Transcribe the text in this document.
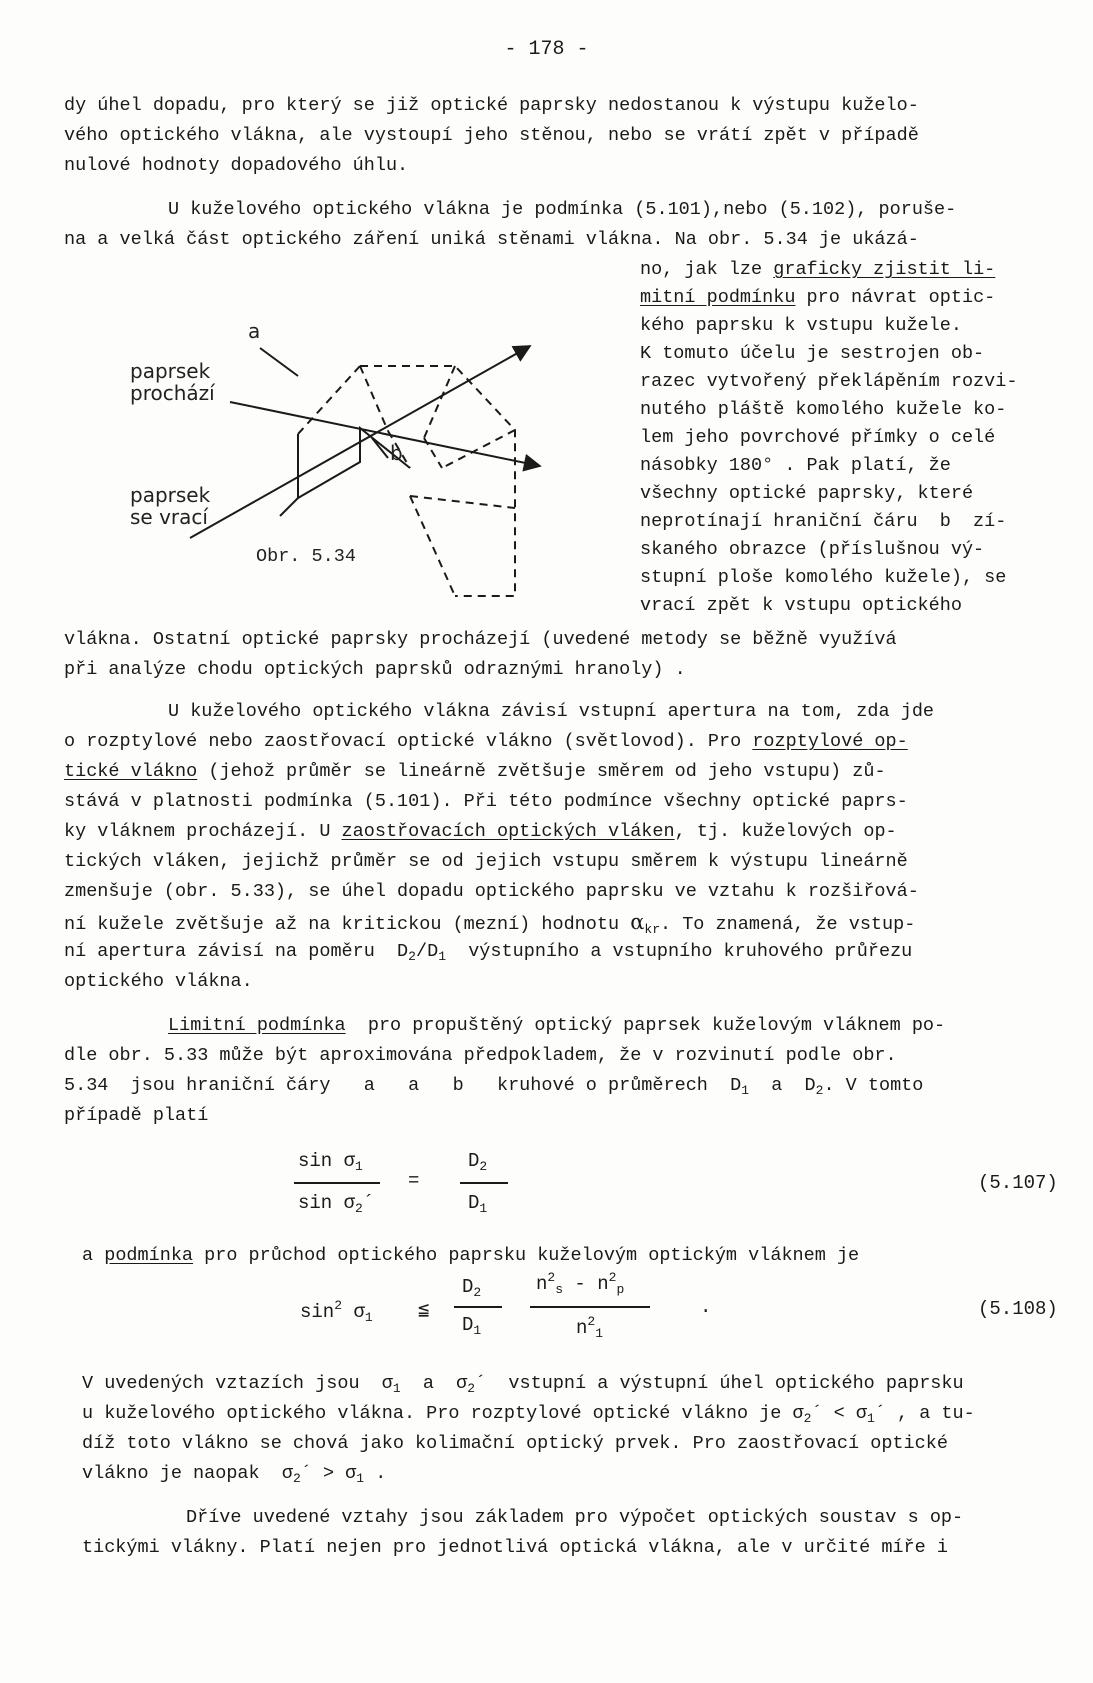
- 178 -
dy úhel dopadu, pro který se již optické paprsky nedostanou k výstupu kuželo-
vého optického vlákna, ale vystoupí jeho stěnou, nebo se vrátí zpět v případě
nulové hodnoty dopadového úhlu.
U kuželového optického vlákna je podmínka (5.101),nebo (5.102), poruše-
na a velká část optického záření uniká stěnami vlákna. Na obr. 5.34 je ukázá-
no, jak lze graficky zjistit li-
mitní podmínku pro návrat optic-
kého paprsku k vstupu kužele.
K tomuto účelu je sestrojen ob-
razec vytvořený překlápěním rozvi-
nutého pláště komolého kužele ko-
lem jeho povrchové přímky o celé
násobky 180° . Pak platí, že
všechny optické paprsky, které
neprotínají hraniční čáru  b  zí-
skaného obrazce (příslušnou vý-
stupní ploše komolého kužele), se
vrací zpět k vstupu optického
a
b
paprsek
prochází
paprsek
se vrací
Obr. 5.34
vlákna. Ostatní optické paprsky procházejí (uvedené metody se běžně využívá
při analýze chodu optických paprsků odraznými hranoly) .
U kuželového optického vlákna závisí vstupní apertura na tom, zda jde
o rozptylové nebo zaostřovací optické vlákno (světlovod). Pro rozptylové op-
tické vlákno (jehož průměr se lineárně zvětšuje směrem od jeho vstupu) zů-
stává v platnosti podmínka (5.101). Při této podmínce všechny optické paprs-
ky vláknem procházejí. U zaostřovacích optických vláken, tj. kuželových op-
tických vláken, jejichž průměr se od jejich vstupu směrem k výstupu lineárně
zmenšuje (obr. 5.33), se úhel dopadu optického paprsku ve vztahu k rozšiřová-
ní kužele zvětšuje až na kritickou (mezní) hodnotu $\alpha_{kr}$. To znamená, že vstup-
ní apertura závisí na poměru  $D_2/D_1$  výstupního a vstupního kruhového průřezu
optického vlákna.
Limitní podmínka  pro propuštěný optický paprsek kuželovým vláknem po-
dle obr. 5.33 může být aproximována předpokladem, že v rozvinutí podle obr.
5.34  jsou hraniční čáry   a   a   b   kruhové o průměrech  $D_1$  a  $D_2$. V tomto
případě platí
$\sin \sigma_1$
$\sin \sigma_2´$
=
$D_2$
$D_1$
(5.107)
a podmínka pro průchod optického paprsku kuželovým optickým vláknem je
$\sin^2 \sigma_1$ ≦
$D_2$
$D_1$
$n^2_s - n^2_p$
$n^2_1$
.	(5.108)
V uvedených vztazích jsou  $\sigma_1$  a  $\sigma_2´$  vstupní a výstupní úhel optického paprsku
u kuželového optického vlákna. Pro rozptylové optické vlákno je $\sigma_2´$ < $\sigma_1´$ , a tu-
díž toto vlákno se chová jako kolimační optický prvek. Pro zaostřovací optické
vlákno je naopak  $\sigma_2´ > \sigma_1$ .
Dříve uvedené vztahy jsou základem pro výpočet optických soustav s op-
tickými vlákny. Platí nejen pro jednotlivá optická vlákna, ale v určité míře i
